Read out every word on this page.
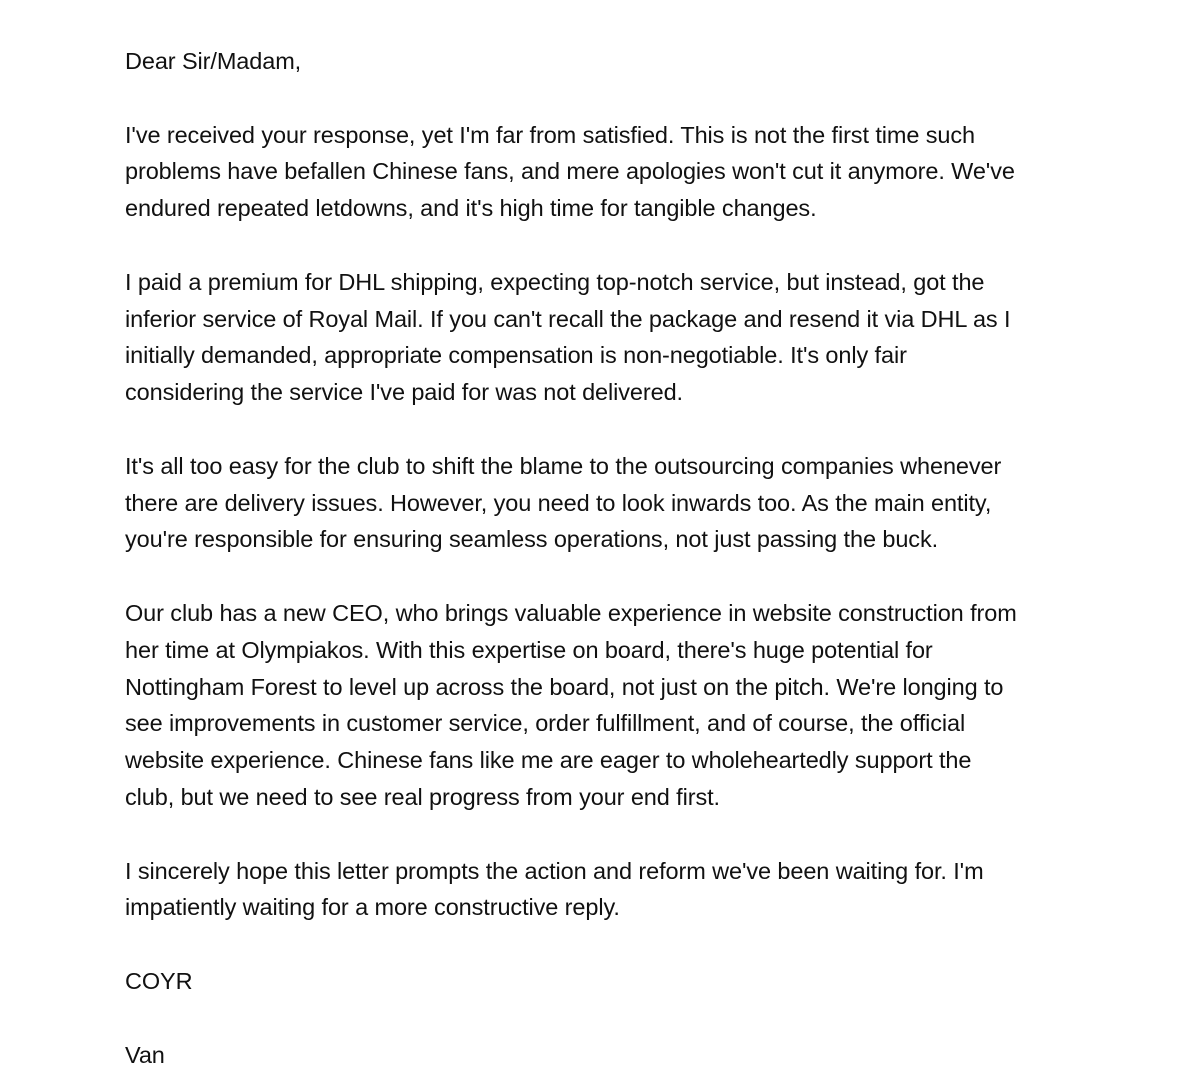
Dear Sir/Madam,

I've received your response, yet I'm far from satisfied. This is not the first time such
problems have befallen Chinese fans, and mere apologies won't cut it anymore. We've
endured repeated letdowns, and it's high time for tangible changes.

I paid a premium for DHL shipping, expecting top-notch service, but instead, got the
inferior service of Royal Mail. If you can't recall the package and resend it via DHL as I
initially demanded, appropriate compensation is non-negotiable. It's only fair
considering the service I've paid for was not delivered.

It's all too easy for the club to shift the blame to the outsourcing companies whenever
there are delivery issues. However, you need to look inwards too. As the main entity,
you're responsible for ensuring seamless operations, not just passing the buck.

Our club has a new CEO, who brings valuable experience in website construction from
her time at Olympiakos. With this expertise on board, there's huge potential for
Nottingham Forest to level up across the board, not just on the pitch. We're longing to
see improvements in customer service, order fulfillment, and of course, the official
website experience. Chinese fans like me are eager to wholeheartedly support the
club, but we need to see real progress from your end first.

I sincerely hope this letter prompts the action and reform we've been waiting for. I'm
impatiently waiting for a more constructive reply.

COYR

Van
